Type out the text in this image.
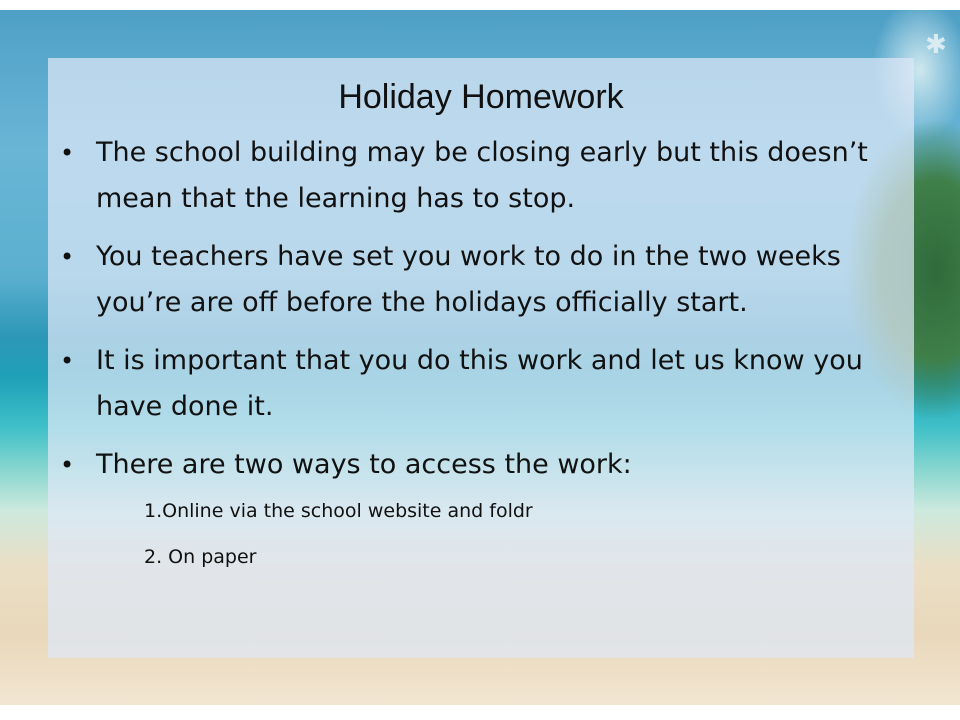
✱
Holiday Homework
• The school building may be closing early but this doesn’t mean that the learning has to stop.
• You teachers have set you work to do in the two weeks you’re are off before the holidays officially start.
• It is important that you do this work and let us know you have done it.
• There are two ways to access the work:
1.Online via the school website and foldr
2. On paper
